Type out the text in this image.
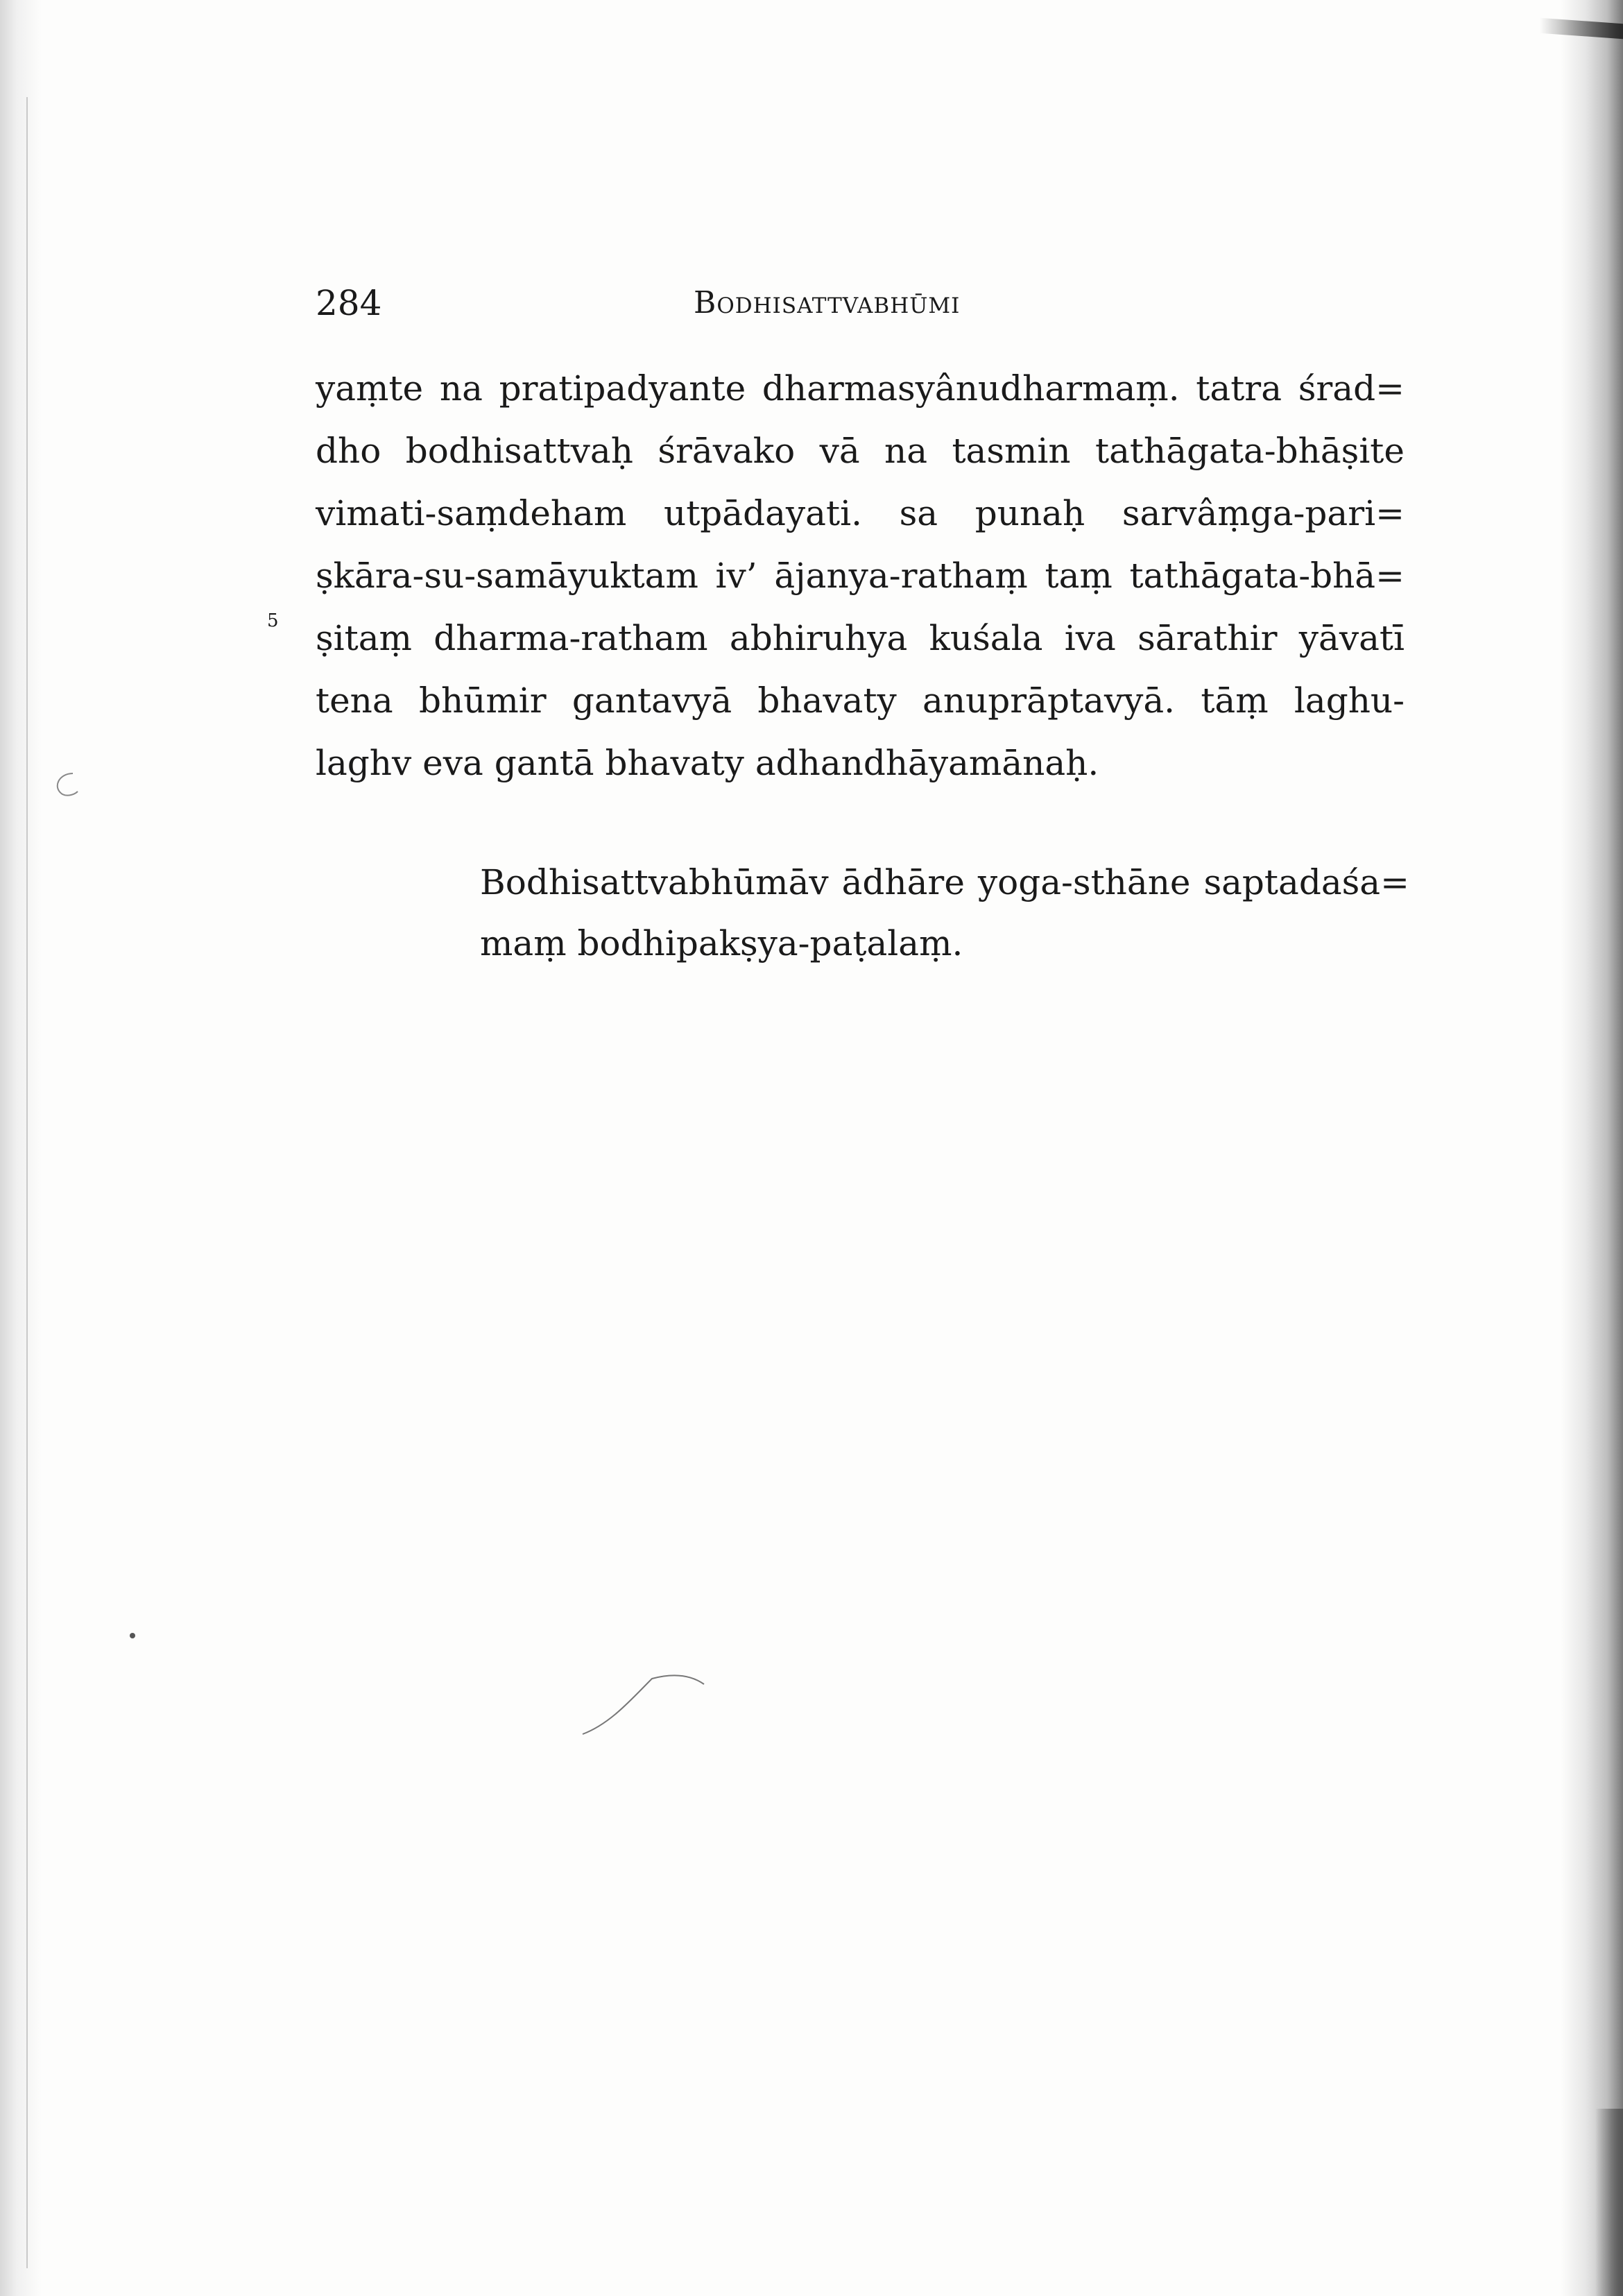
284	Bodhisattvabhūmi
5
yaṃte na pratipadyante dharmasyânudharmaṃ. tatra śrad=
dho bodhisattvaḥ śrāvako vā na tasmin tathāgata-bhāṣite
vimati-saṃdeham utpādayati. sa punaḥ sarvâṃga-pari=
ṣkāra-su-samāyuktam iv’ ājanya-rathaṃ taṃ tathāgata-bhā=
ṣitaṃ dharma-ratham abhiruhya kuśala iva sārathir yāvatī
tena bhūmir gantavyā bhavaty anuprāptavyā. tāṃ laghu-
laghv eva gantā bhavaty adhandhāyamānaḥ.
Bodhisattvabhūmāv ādhāre yoga-sthāne saptadaśa=
maṃ bodhipakṣya-paṭalaṃ.
